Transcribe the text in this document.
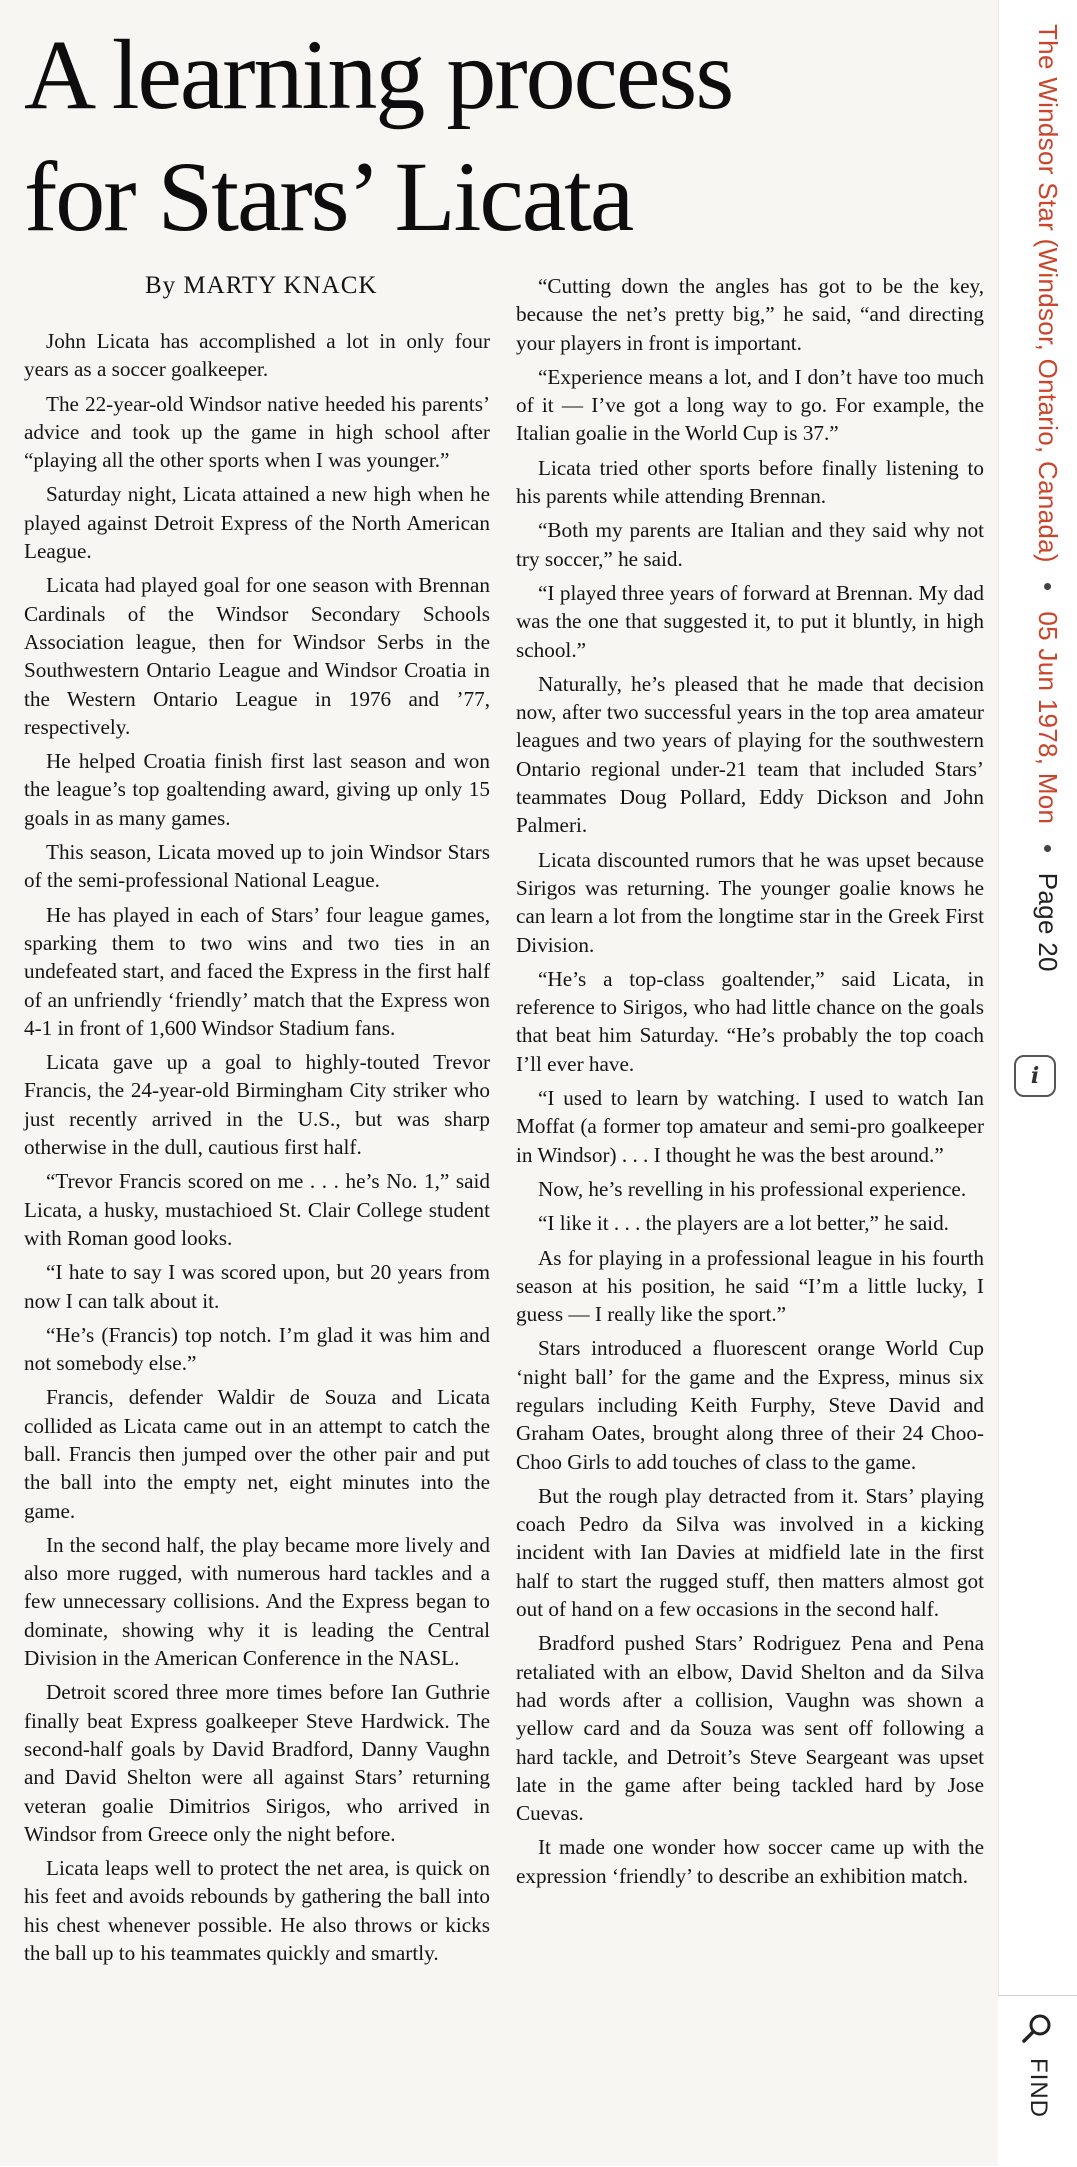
A learning process
for Stars’ Licata
By MARTY KNACK

John Licata has accomplished a lot in only four years as a soccer goalkeeper.

The 22-year-old Windsor native heeded his parents’ advice and took up the game in high school after “playing all the other sports when I was younger.”

Saturday night, Licata attained a new high when he played against Detroit Express of the North American League.

Licata had played goal for one season with Brennan Cardinals of the Windsor Secondary Schools Association league, then for Windsor Serbs in the Southwestern Ontario League and Windsor Croatia in the Western Ontario League in 1976 and ’77, respectively.

He helped Croatia finish first last season and won the league’s top goaltending award, giving up only 15 goals in as many games.

This season, Licata moved up to join Windsor Stars of the semi-professional National League.

He has played in each of Stars’ four league games, sparking them to two wins and two ties in an undefeated start, and faced the Express in the first half of an unfriendly ‘friendly’ match that the Express won 4-1 in front of 1,600 Windsor Stadium fans.

Licata gave up a goal to highly-touted Trevor Francis, the 24-year-old Birmingham City striker who just recently arrived in the U.S., but was sharp otherwise in the dull, cautious first half.

“Trevor Francis scored on me . . . he’s No. 1,” said Licata, a husky, mustachioed St. Clair College student with Roman good looks.

“I hate to say I was scored upon, but 20 years from now I can talk about it.

“He’s (Francis) top notch. I’m glad it was him and not somebody else.”

Francis, defender Waldir de Souza and Licata collided as Licata came out in an attempt to catch the ball. Francis then jumped over the other pair and put the ball into the empty net, eight minutes into the game.

In the second half, the play became more lively and also more rugged, with numerous hard tackles and a few unnecessary collisions. And the Express began to dominate, showing why it is leading the Central Division in the American Conference in the NASL.

Detroit scored three more times before Ian Guthrie finally beat Express goalkeeper Steve Hardwick. The second-half goals by David Bradford, Danny Vaughn and David Shelton were all against Stars’ returning veteran goalie Dimitrios Sirigos, who arrived in Windsor from Greece only the night before.

Licata leaps well to protect the net area, is quick on his feet and avoids rebounds by gathering the ball into his chest whenever possible. He also throws or kicks the ball up to his teammates quickly and smartly.

“Cutting down the angles has got to be the key, because the net’s pretty big,” he said, “and directing your players in front is important.

“Experience means a lot, and I don’t have too much of it — I’ve got a long way to go. For example, the Italian goalie in the World Cup is 37.”

Licata tried other sports before finally listening to his parents while attending Brennan.

“Both my parents are Italian and they said why not try soccer,” he said.

“I played three years of forward at Brennan. My dad was the one that suggested it, to put it bluntly, in high school.”

Naturally, he’s pleased that he made that decision now, after two successful years in the top area amateur leagues and two years of playing for the southwestern Ontario regional under-21 team that included Stars’ teammates Doug Pollard, Eddy Dickson and John Palmeri.

Licata discounted rumors that he was upset because Sirigos was returning. The younger goalie knows he can learn a lot from the longtime star in the Greek First Division.

“He’s a top-class goaltender,” said Licata, in reference to Sirigos, who had little chance on the goals that beat him Saturday. “He’s probably the top coach I’ll ever have.

“I used to learn by watching. I used to watch Ian Moffat (a former top amateur and semi-pro goalkeeper in Windsor) . . . I thought he was the best around.”

Now, he’s revelling in his professional experience.

“I like it . . . the players are a lot better,” he said.

As for playing in a professional league in his fourth season at his position, he said “I’m a little lucky, I guess — I really like the sport.”

Stars introduced a fluorescent orange World Cup ‘night ball’ for the game and the Express, minus six regulars including Keith Furphy, Steve David and Graham Oates, brought along three of their 24 Choo-Choo Girls to add touches of class to the game.

But the rough play detracted from it. Stars’ playing coach Pedro da Silva was involved in a kicking incident with Ian Davies at midfield late in the first half to start the rugged stuff, then matters almost got out of hand on a few occasions in the second half.

Bradford pushed Stars’ Rodriguez Pena and Pena retaliated with an elbow, David Shelton and da Silva had words after a collision, Vaughn was shown a yellow card and da Souza was sent off following a hard tackle, and Detroit’s Steve Seargeant was upset late in the game after being tackled hard by Jose Cuevas.

It made one wonder how soccer came up with the expression ‘friendly’ to describe an exhibition match.

The Windsor Star (Windsor, Ontario, Canada) • 05 Jun 1978, Mon • Page 20
i
FIND
